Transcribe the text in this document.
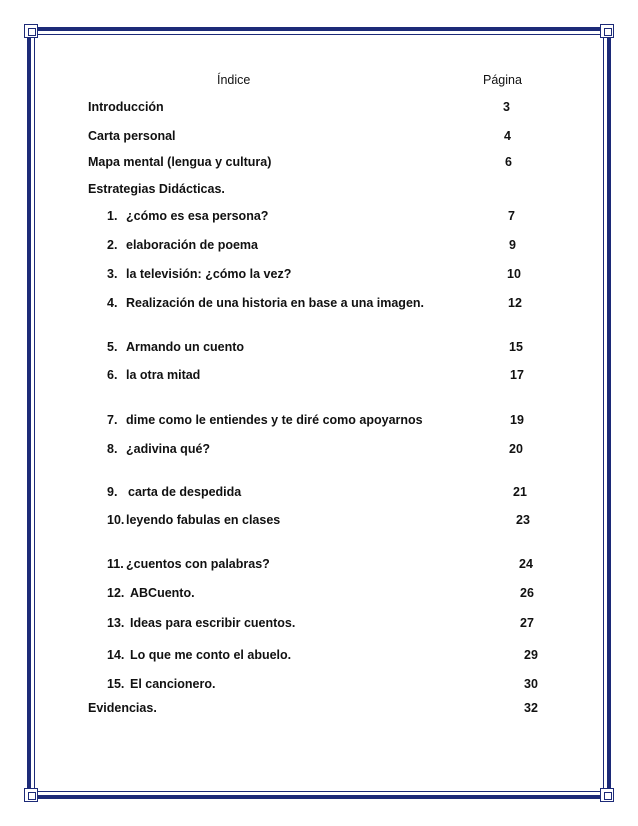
Índice	Página
Introducción	3
Carta personal	4
Mapa mental (lengua y cultura)	6
Estrategias Didácticas.
1. ¿cómo es esa persona?	7
2. elaboración de poema	9
3. la televisión: ¿cómo la vez?	10
4. Realización de una historia en base a una imagen.	12
5. Armando un cuento	15
6. la otra mitad	17
7. dime como le entiendes y te diré como apoyarnos	19
8. ¿adivina qué?	20
9. carta de despedida	21
10. leyendo fabulas en clases	23
11. ¿cuentos con palabras?	24
12. ABCuento.	26
13. Ideas para escribir cuentos.	27
14. Lo que me conto el abuelo.	29
15. El cancionero.	30
Evidencias.	32
